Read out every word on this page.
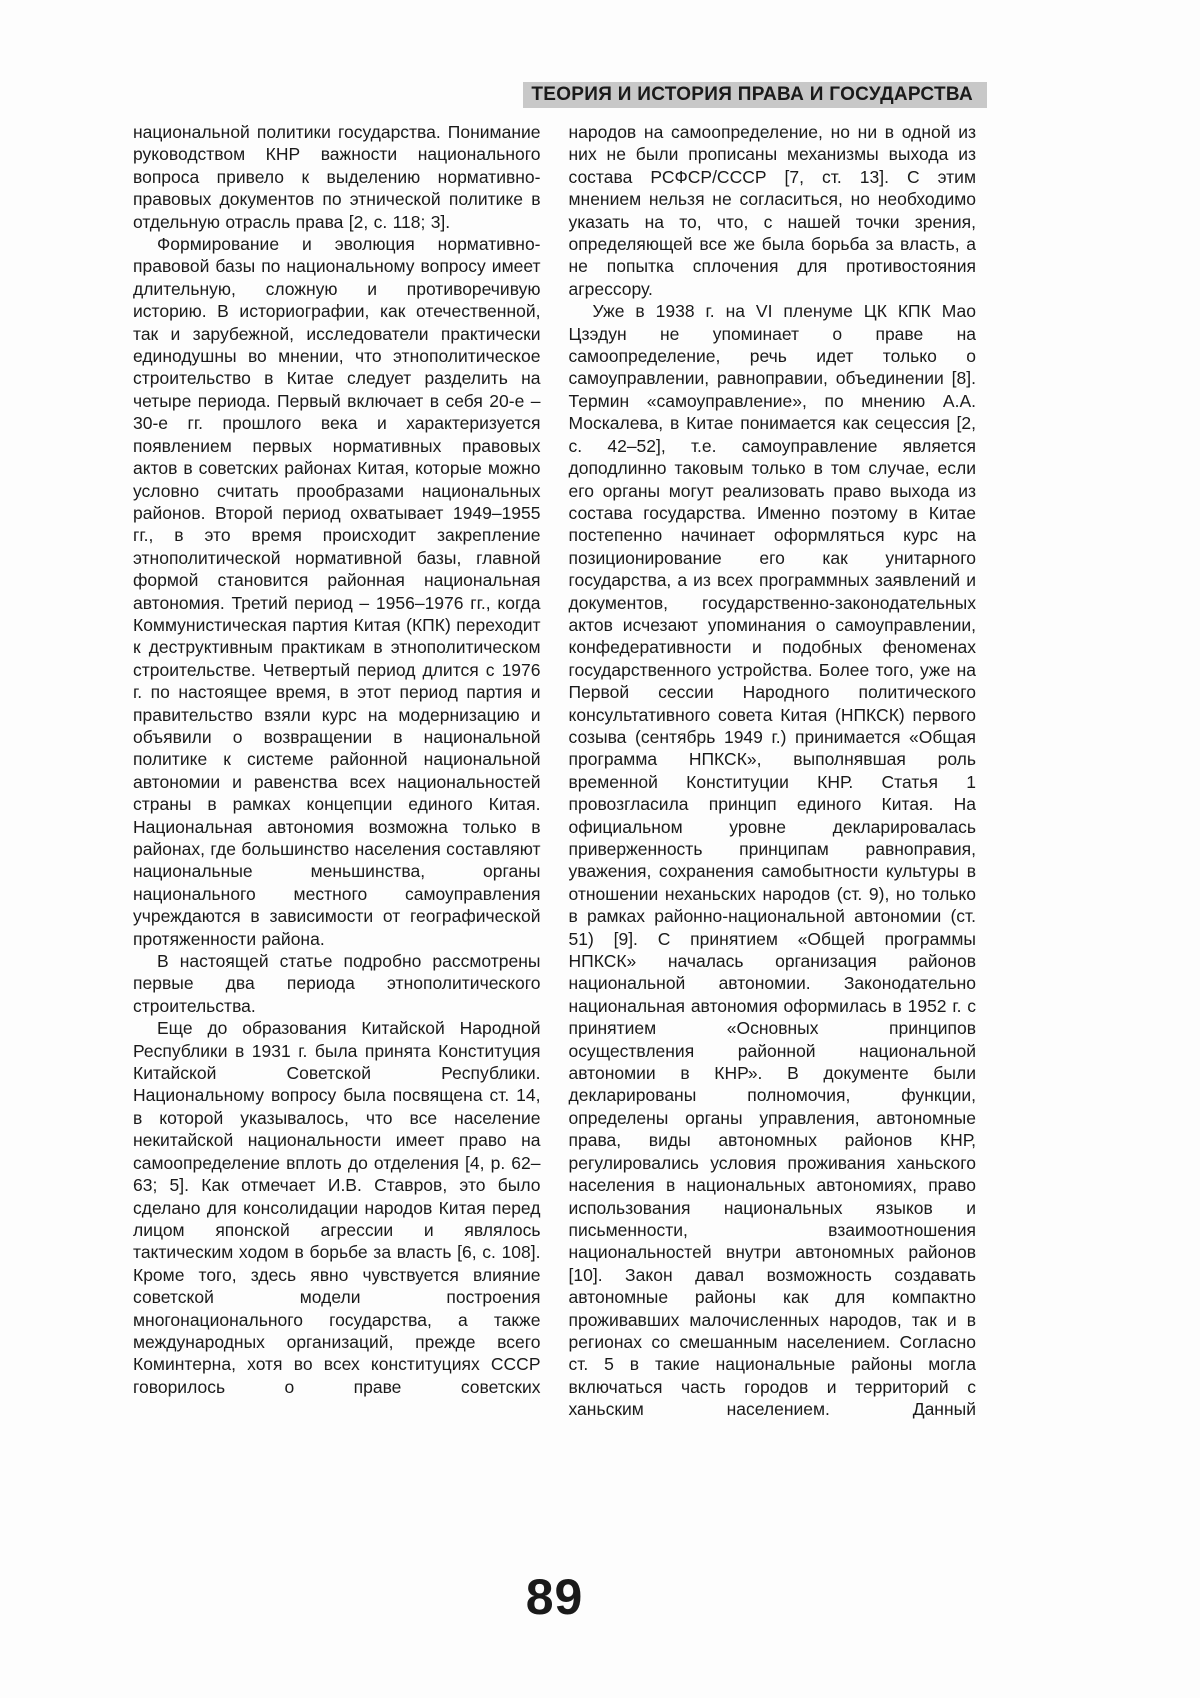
ТЕОРИЯ И ИСТОРИЯ ПРАВА И ГОСУДАРСТВА

национальной политики государства. Понимание руководством КНР важности национального вопроса привело к выделению нормативно-правовых документов по этнической политике в отдельную отрасль права [2, с. 118; 3].

Формирование и эволюция нормативно-правовой базы по национальному вопросу имеет длительную, сложную и противоречивую историю. В историографии, как отечественной, так и зарубежной, исследователи практически единодушны во мнении, что этнополитическое строительство в Китае следует разделить на четыре периода. Первый включает в себя 20-е – 30-е гг. прошлого века и характеризуется появлением первых нормативных правовых актов в советских районах Китая, которые можно условно считать прообразами национальных районов. Второй период охватывает 1949–1955 гг., в это время происходит закрепление этнополитической нормативной базы, главной формой становится районная национальная автономия. Третий период – 1956–1976 гг., когда Коммунистическая партия Китая (КПК) переходит к деструктивным практикам в этнополитическом строительстве. Четвертый период длится с 1976 г. по настоящее время, в этот период партия и правительство взяли курс на модернизацию и объявили о возвращении в национальной политике к системе районной национальной автономии и равенства всех национальностей страны в рамках концепции единого Китая. Национальная автономия возможна только в районах, где большинство населения составляют национальные меньшинства, органы национального местного самоуправления учреждаются в зависимости от географической протяженности района.

В настоящей статье подробно рассмотрены первые два периода этнополитического строительства.

Еще до образования Китайской Народной Республики в 1931 г. была принята Конституция Китайской Советской Республики. Национальному вопросу была посвящена ст. 14, в которой указывалось, что все население некитайской национальности имеет право на самоопределение вплоть до отделения [4, p. 62–63; 5]. Как отмечает И.В. Ставров, это было сделано для консолидации народов Китая перед лицом японской агрессии и являлось тактическим ходом в борьбе за власть [6, с. 108]. Кроме того, здесь явно чувствуется влияние советской модели построения многонационального государства, а также международных организаций, прежде всего Коминтерна, хотя во всех конституциях СССР говорилось о праве советских

народов на самоопределение, но ни в одной из них не были прописаны механизмы выхода из состава РСФСР/СССР [7, ст. 13]. С этим мнением нельзя не согласиться, но необходимо указать на то, что, с нашей точки зрения, определяющей все же была борьба за власть, а не попытка сплочения для противостояния агрессору.

Уже в 1938 г. на VI пленуме ЦК КПК Мао Цзэдун не упоминает о праве на самоопределение, речь идет только о самоуправлении, равноправии, объединении [8]. Термин «самоуправление», по мнению А.А. Москалева, в Китае понимается как сецессия [2, с. 42–52], т.е. самоуправление является доподлинно таковым только в том случае, если его органы могут реализовать право выхода из состава государства. Именно поэтому в Китае постепенно начинает оформляться курс на позиционирование его как унитарного государства, а из всех программных заявлений и документов, государственно-законодательных актов исчезают упоминания о самоуправлении, конфедеративности и подобных феноменах государственного устройства. Более того, уже на Первой сессии Народного политического консультативного совета Китая (НПКСК) первого созыва (сентябрь 1949 г.) принимается «Общая программа НПКСК», выполнявшая роль временной Конституции КНР. Статья 1 провозгласила принцип единого Китая. На официальном уровне декларировалась приверженность принципам равноправия, уважения, сохранения самобытности культуры в отношении неханьских народов (ст. 9), но только в рамках районно-национальной автономии (ст. 51) [9]. С принятием «Общей программы НПКСК» началась организация районов национальной автономии. Законодательно национальная автономия оформилась в 1952 г. с принятием «Основных принципов осуществления районной национальной автономии в КНР». В документе были декларированы полномочия, функции, определены органы управления, автономные права, виды автономных районов КНР, регулировались условия проживания ханьского населения в национальных автономиях, право использования национальных языков и письменности, взаимоотношения национальностей внутри автономных районов [10]. Закон давал возможность создавать автономные районы как для компактно проживавших малочисленных народов, так и в регионах со смешанным населением. Согласно ст. 5 в такие национальные районы могла включаться часть городов и территорий с ханьским населением. Данный

89
